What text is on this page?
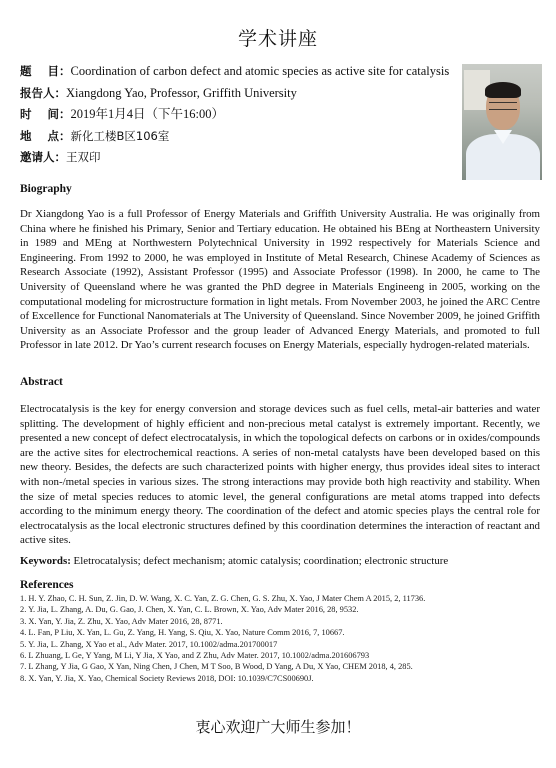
学术讲座
题    目：Coordination of carbon defect and atomic species as active site for catalysis
报告人：Xiangdong Yao, Professor, Griffith University
时    间：2019年1月4日（下午16:00）
地    点：新化工楼B区106室
邀请人：王双印
Biography

Dr Xiangdong Yao is a full Professor of Energy Materials and Griffith University Australia. He was originally from China where he finished his Primary, Senior and Tertiary education. He obtained his BEng at Northeastern University in 1989 and MEng at Northwestern Polytechnical University in 1992 respectively for Materials Science and Engineering. From 1992 to 2000, he was employed in Institute of Metal Research, Chinese Academy of Sciences as Research Associate (1992), Assistant Professor (1995) and Associate Professor (1998). In 2000, he came to The University of Queensland where he was granted the PhD degree in Materials Engineeng in 2005, working on the computational modeling for microstructure formation in light metals. From November 2003, he joined the ARC Centre of Excellence for Functional Nanomaterials at The University of Queensland. Since November 2009, he joined Griffith University as an Associate Professor and the group leader of Advanced Energy Materials, and promoted to full Professor in late 2012. Dr Yao’s current research focuses on Energy Materials, especially hydrogen-related materials.

Abstract

Electrocatalysis is the key for energy conversion and storage devices such as fuel cells, metal-air batteries and water splitting. The development of highly efficient and non-precious metal catalyst is extremely important. Recently, we presented a new concept of defect electrocatalysis, in which the topological defects on carbons or in oxides/compounds are the active sites for electrochemical reactions. A series of non-metal catalysts have been developed based on this new theory. Besides, the defects are such characterized points with higher energy, thus provides ideal sites to interact with non-/metal species in various sizes. The strong interactions may provide both high reactivity and stability. When the size of metal species reduces to atomic level, the general configurations are metal atoms trapped into defects according to the minimum energy theory. The coordination of the defect and atomic species plays the central role for electrocatalysis as the local electronic structures defined by this coordination determines the interaction of reactant and active sites.

Keywords: Eletrocatalysis; defect mechanism; atomic catalysis; coordination; electronic structure
References
1. H. Y. Zhao, C. H. Sun, Z. Jin, D. W. Wang, X. C. Yan, Z. G. Chen, G. S. Zhu, X. Yao, J Mater Chem A 2015, 2, 11736.
2. Y. Jia, L. Zhang, A. Du, G. Gao, J. Chen, X. Yan, C. L. Brown, X. Yao, Adv Mater 2016, 28, 9532.
3. X. Yan, Y. Jia, Z. Zhu, X. Yao, Adv Mater 2016, 28, 8771.
4. L. Fan, P Liu, X. Yan, L. Gu, Z. Yang, H. Yang, S. Qiu, X. Yao, Nature Comm 2016, 7, 10667.
5. Y. Jia, L. Zhang, X Yao et al., Adv Mater. 2017, 10.1002/adma.201700017
6. L Zhuang, L Ge, Y Yang, M Li, Y Jia, X Yao, and Z Zhu, Adv Mater. 2017, 10.1002/adma.201606793
7. L Zhang, Y Jia, G Gao, X Yan, Ning Chen, J Chen, M T Soo, B Wood, D Yang, A Du, X Yao, CHEM 2018, 4, 285.
8. X. Yan, Y. Jia, X. Yao, Chemical Society Reviews 2018, DOI: 10.1039/C7CS00690J.
衷心欢迎广大师生参加！
